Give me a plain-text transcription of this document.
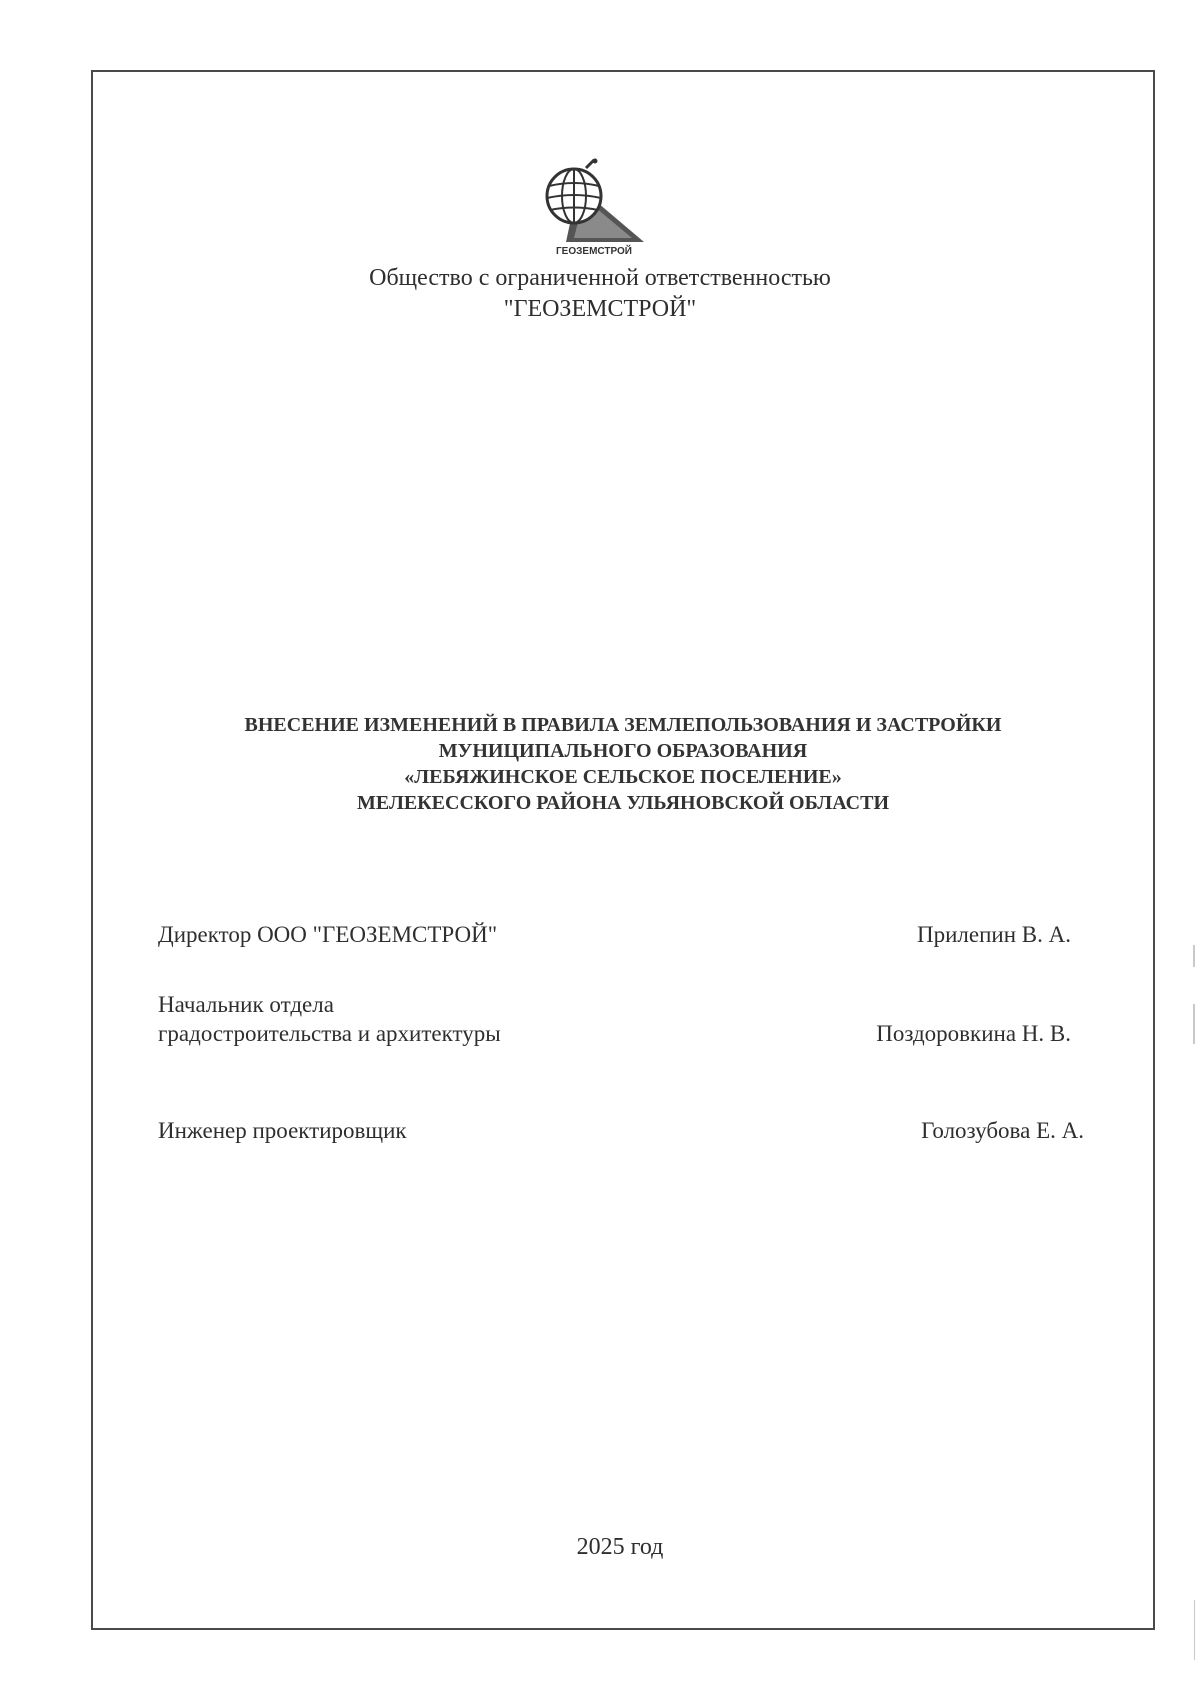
ГЕОЗЕМСТРОЙ
Общество с ограниченной ответственностью
"ГЕОЗЕМСТРОЙ"
ВНЕСЕНИЕ ИЗМЕНЕНИЙ В ПРАВИЛА ЗЕМЛЕПОЛЬЗОВАНИЯ И ЗАСТРОЙКИ
МУНИЦИПАЛЬНОГО ОБРАЗОВАНИЯ
«ЛЕБЯЖИНСКОЕ СЕЛЬСКОЕ ПОСЕЛЕНИЕ»
МЕЛЕКЕССКОГО РАЙОНА УЛЬЯНОВСКОЙ ОБЛАСТИ
Директор ООО "ГЕОЗЕМСТРОЙ"	Прилепин В. А.
Начальник отдела
градостроительства и архитектуры	Поздоровкина Н. В.
Инженер проектировщик	Голозубова Е. А.
2025 год
